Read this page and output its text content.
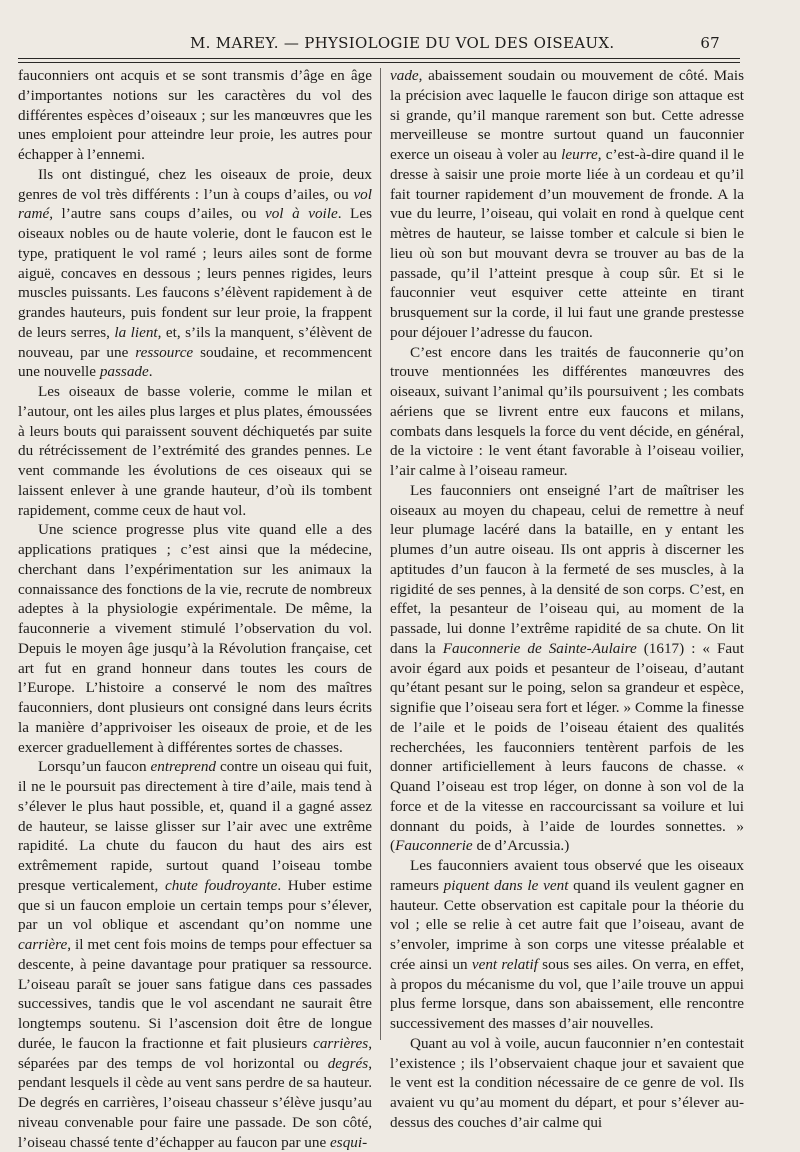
M. MAREY. — PHYSIOLOGIE DU VOL DES OISEAUX.	67

fauconniers ont acquis et se sont transmis d’âge en âge d’importantes notions sur les caractères du vol des différentes espèces d’oiseaux ; sur les manœuvres que les unes emploient pour atteindre leur proie, les autres pour échapper à l’ennemi.

Ils ont distingué, chez les oiseaux de proie, deux genres de vol très différents : l’un à coups d’ailes, ou vol ramé, l’autre sans coups d’ailes, ou vol à voile. Les oiseaux nobles ou de haute volerie, dont le faucon est le type, pratiquent le vol ramé ; leurs ailes sont de forme aiguë, concaves en dessous ; leurs pennes rigides, leurs muscles puissants. Les faucons s’élèvent rapidement à de grandes hauteurs, puis fondent sur leur proie, la frappent de leurs serres, la lient, et, s’ils la manquent, s’élèvent de nouveau, par une ressource soudaine, et recommencent une nouvelle passade.

Les oiseaux de basse volerie, comme le milan et l’autour, ont les ailes plus larges et plus plates, émoussées à leurs bouts qui paraissent souvent déchiquetés par suite du rétrécissement de l’extrémité des grandes pennes. Le vent commande les évolutions de ces oiseaux qui se laissent enlever à une grande hauteur, d’où ils tombent rapidement, comme ceux de haut vol.

Une science progresse plus vite quand elle a des applications pratiques ; c’est ainsi que la médecine, cherchant dans l’expérimentation sur les animaux la connaissance des fonctions de la vie, recrute de nombreux adeptes à la physiologie expérimentale. De même, la fauconnerie a vivement stimulé l’observation du vol. Depuis le moyen âge jusqu’à la Révolution française, cet art fut en grand honneur dans toutes les cours de l’Europe. L’histoire a conservé le nom des maîtres fauconniers, dont plusieurs ont consigné dans leurs écrits la manière d’apprivoiser les oiseaux de proie, et de les exercer graduellement à différentes sortes de chasses.

Lorsqu’un faucon entreprend contre un oiseau qui fuit, il ne le poursuit pas directement à tire d’aile, mais tend à s’élever le plus haut possible, et, quand il a gagné assez de hauteur, se laisse glisser sur l’air avec une extrême rapidité. La chute du faucon du haut des airs est extrêmement rapide, surtout quand l’oiseau tombe presque verticalement, chute foudroyante. Huber estime que si un faucon emploie un certain temps pour s’élever, par un vol oblique et ascendant qu’on nomme une carrière, il met cent fois moins de temps pour effectuer sa descente, à peine davantage pour pratiquer sa ressource. L’oiseau paraît se jouer sans fatigue dans ces passades successives, tandis que le vol ascendant ne saurait être longtemps soutenu. Si l’ascension doit être de longue durée, le faucon la fractionne et fait plusieurs carrières, séparées par des temps de vol horizontal ou degrés, pendant lesquels il cède au vent sans perdre de sa hauteur. De degrés en carrières, l’oiseau chasseur s’élève jusqu’au niveau convenable pour faire une passade. De son côté, l’oiseau chassé tente d’échapper au faucon par une esqui-

vade, abaissement soudain ou mouvement de côté. Mais la précision avec laquelle le faucon dirige son attaque est si grande, qu’il manque rarement son but. Cette adresse merveilleuse se montre surtout quand un fauconnier exerce un oiseau à voler au leurre, c’est-à-dire quand il le dresse à saisir une proie morte liée à un cordeau et qu’il fait tourner rapidement d’un mouvement de fronde. A la vue du leurre, l’oiseau, qui volait en rond à quelque cent mètres de hauteur, se laisse tomber et calcule si bien le lieu où son but mouvant devra se trouver au bas de la passade, qu’il l’atteint presque à coup sûr. Et si le fauconnier veut esquiver cette atteinte en tirant brusquement sur la corde, il lui faut une grande prestesse pour déjouer l’adresse du faucon.

C’est encore dans les traités de fauconnerie qu’on trouve mentionnées les différentes manœuvres des oiseaux, suivant l’animal qu’ils poursuivent ; les combats aériens que se livrent entre eux faucons et milans, combats dans lesquels la force du vent décide, en général, de la victoire : le vent étant favorable à l’oiseau voilier, l’air calme à l’oiseau rameur.

Les fauconniers ont enseigné l’art de maîtriser les oiseaux au moyen du chapeau, celui de remettre à neuf leur plumage lacéré dans la bataille, en y entant les plumes d’un autre oiseau. Ils ont appris à discerner les aptitudes d’un faucon à la fermeté de ses muscles, à la rigidité de ses pennes, à la densité de son corps. C’est, en effet, la pesanteur de l’oiseau qui, au moment de la passade, lui donne l’extrême rapidité de sa chute. On lit dans la Fauconnerie de Sainte-Aulaire (1617) : « Faut avoir égard aux poids et pesanteur de l’oiseau, d’autant qu’étant pesant sur le poing, selon sa grandeur et espèce, signifie que l’oiseau sera fort et léger. » Comme la finesse de l’aile et le poids de l’oiseau étaient des qualités recherchées, les fauconniers tentèrent parfois de les donner artificiellement à leurs faucons de chasse. « Quand l’oiseau est trop léger, on donne à son vol de la force et de la vitesse en raccourcissant sa voilure et lui donnant du poids, à l’aide de lourdes sonnettes. » (Fauconnerie de d’Arcussia.)

Les fauconniers avaient tous observé que les oiseaux rameurs piquent dans le vent quand ils veulent gagner en hauteur. Cette observation est capitale pour la théorie du vol ; elle se relie à cet autre fait que l’oiseau, avant de s’envoler, imprime à son corps une vitesse préalable et crée ainsi un vent relatif sous ses ailes. On verra, en effet, à propos du mécanisme du vol, que l’aile trouve un appui plus ferme lorsque, dans son abaissement, elle rencontre successivement des masses d’air nouvelles.

Quant au vol à voile, aucun fauconnier n’en contestait l’existence ; ils l’observaient chaque jour et savaient que le vent est la condition nécessaire de ce genre de vol. Ils avaient vu qu’au moment du départ, et pour s’élever au-dessus des couches d’air calme qui
